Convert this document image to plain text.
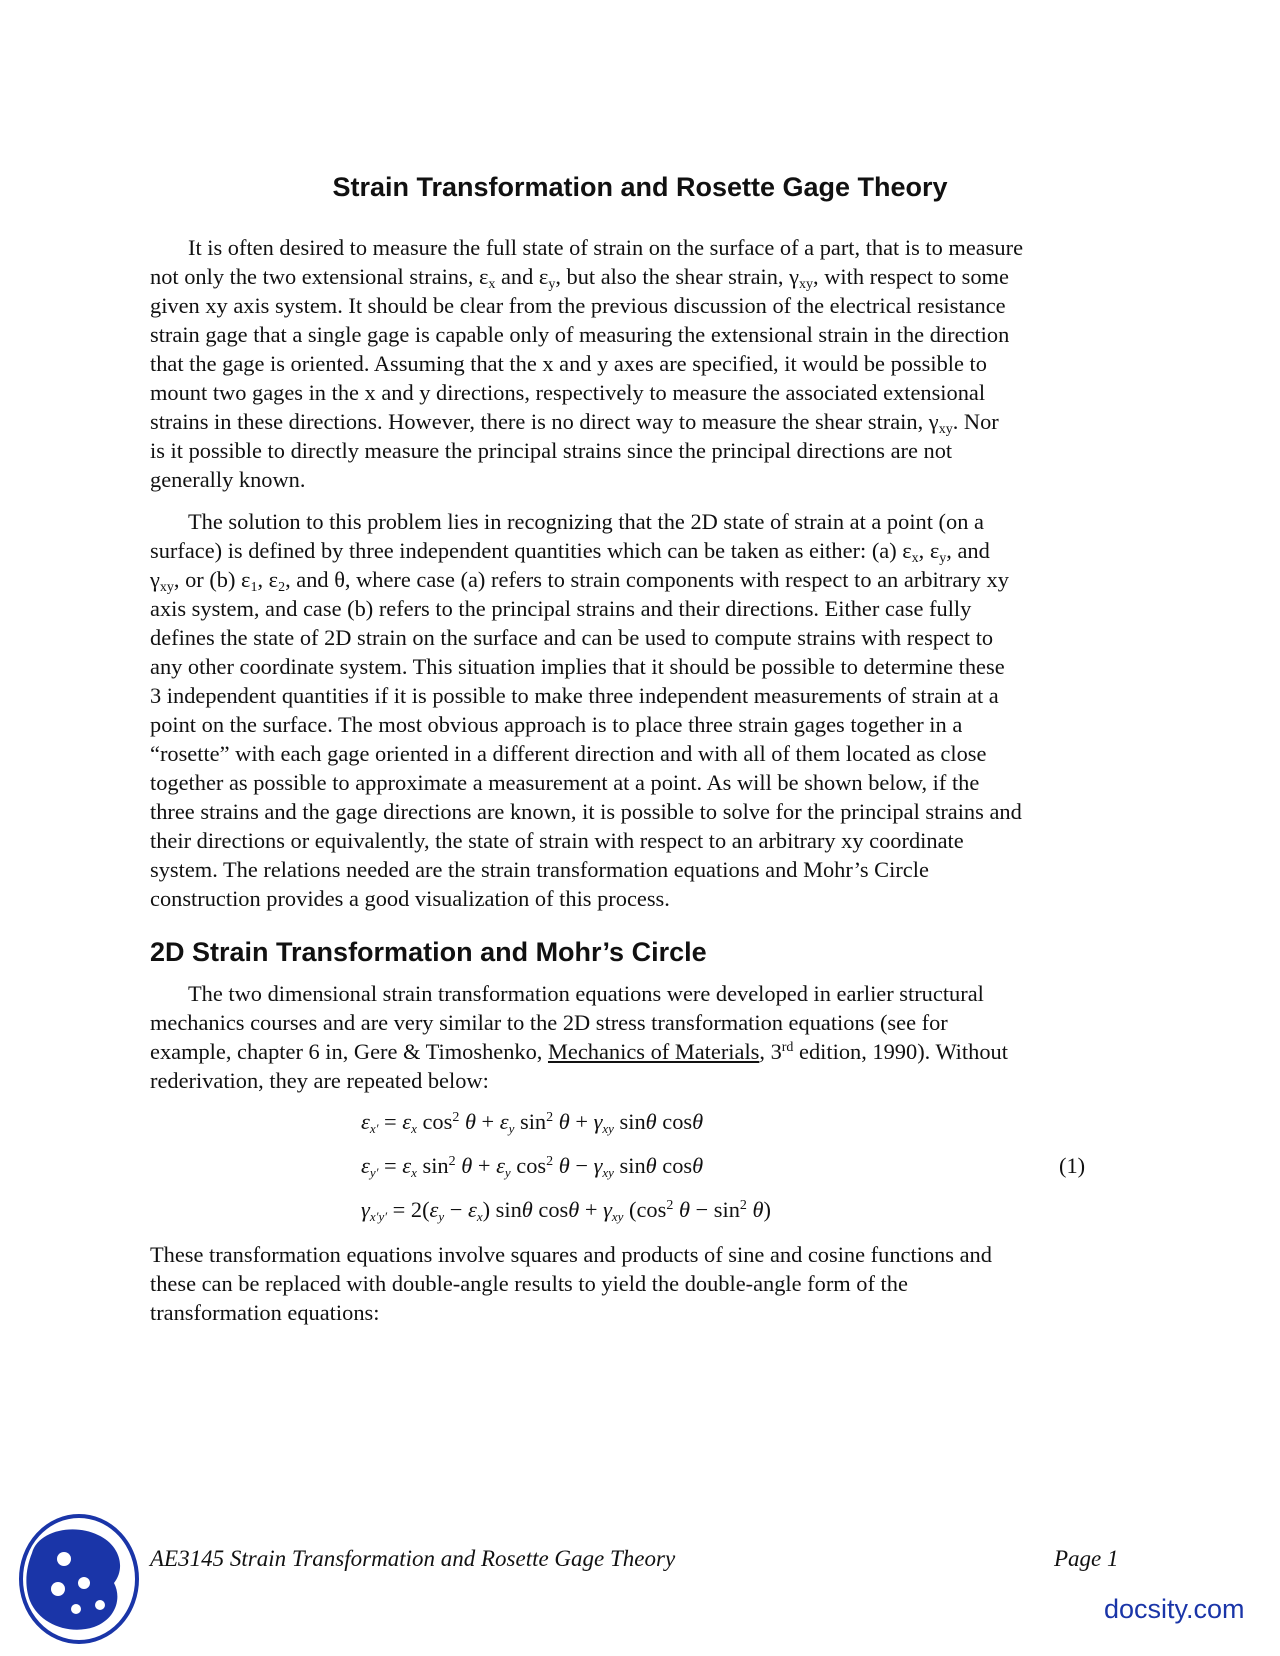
Strain Transformation and Rosette Gage Theory

It is often desired to measure the full state of strain on the surface of a part, that is to measure
not only the two extensional strains, $\varepsilon_x$ and $\varepsilon_y$, but also the shear strain, $\gamma_{xy}$, with respect to some
given xy axis system. It should be clear from the previous discussion of the electrical resistance
strain gage that a single gage is capable only of measuring the extensional strain in the direction
that the gage is oriented. Assuming that the x and y axes are specified, it would be possible to
mount two gages in the x and y directions, respectively to measure the associated extensional
strains in these directions. However, there is no direct way to measure the shear strain, $\gamma_{xy}$. Nor
is it possible to directly measure the principal strains since the principal directions are not
generally known.

The solution to this problem lies in recognizing that the 2D state of strain at a point (on a
surface) is defined by three independent quantities which can be taken as either: (a) $\varepsilon_x$, $\varepsilon_y$, and
$\gamma_{xy}$, or (b) $\varepsilon_1$, $\varepsilon_2$, and θ, where case (a) refers to strain components with respect to an arbitrary xy
axis system, and case (b) refers to the principal strains and their directions. Either case fully
defines the state of 2D strain on the surface and can be used to compute strains with respect to
any other coordinate system. This situation implies that it should be possible to determine these
3 independent quantities if it is possible to make three independent measurements of strain at a
point on the surface. The most obvious approach is to place three strain gages together in a
“rosette” with each gage oriented in a different direction and with all of them located as close
together as possible to approximate a measurement at a point. As will be shown below, if the
three strains and the gage directions are known, it is possible to solve for the principal strains and
their directions or equivalently, the state of strain with respect to an arbitrary xy coordinate
system. The relations needed are the strain transformation equations and Mohr’s Circle
construction provides a good visualization of this process.

2D Strain Transformation and Mohr’s Circle

The two dimensional strain transformation equations were developed in earlier structural
mechanics courses and are very similar to the 2D stress transformation equations (see for
example, chapter 6 in, Gere & Timoshenko, Mechanics of Materials, 3rd edition, 1990). Without
rederivation, they are repeated below:

$\varepsilon_{x'} = \varepsilon_x$ $\cos^2 \theta + \varepsilon_y$ $\sin^2 \theta + \gamma_{xy}$ sinθ cosθ
$\varepsilon_{y'} = \varepsilon_x$ $\sin^2 \theta + \varepsilon_y$ $\cos^2 \theta - \gamma_{xy}$ sinθ cosθ
$\gamma_{x'y'} = 2(\varepsilon_y - \varepsilon_x)$ sinθ $\cos\theta + \gamma_{xy}$ ($\cos^2$ $\theta - \sin^2 \theta$)
(1)

These transformation equations involve squares and products of sine and cosine functions and
these can be replaced with double-angle results to yield the double-angle form of the
transformation equations:

AE3145 Strain Transformation and Rosette Gage Theory	Page 1
docsity.com
